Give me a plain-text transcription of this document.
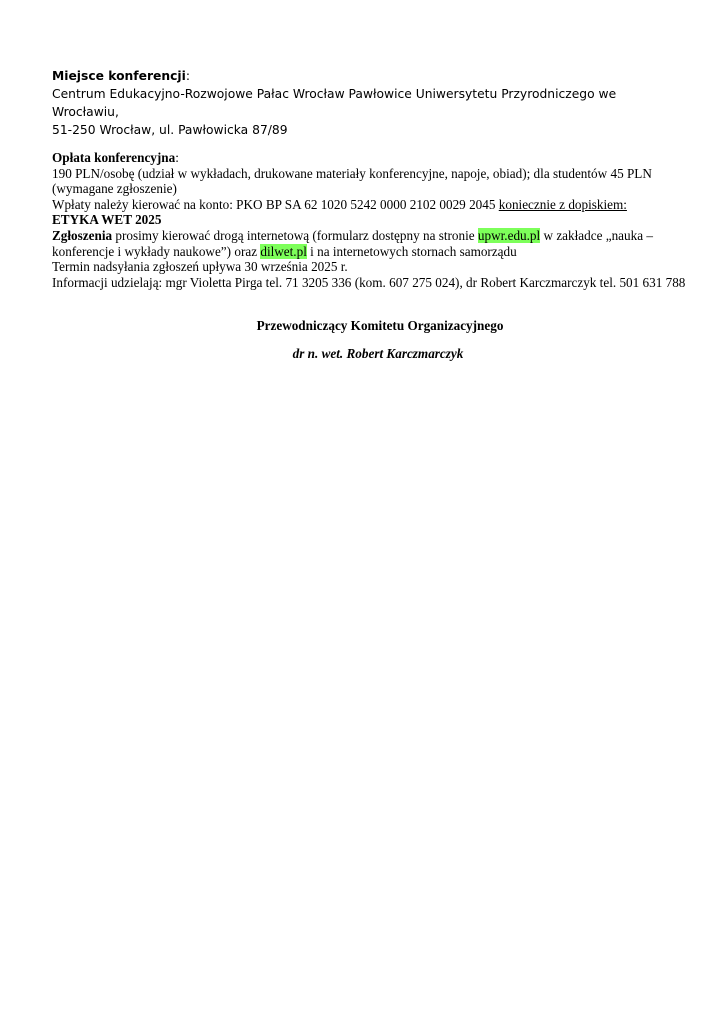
Miejsce konferencji:
Centrum Edukacyjno-Rozwojowe Pałac Wrocław Pawłowice Uniwersytetu Przyrodniczego we Wrocławiu,
51-250 Wrocław, ul. Pawłowicka 87/89

Opłata konferencyjna:

190 PLN/osobę (udział w wykładach, drukowane materiały konferencyjne, napoje, obiad); dla studentów 45 PLN (wymagane zgłoszenie)

Wpłaty należy kierować na konto: PKO BP SA 62 1020 5242 0000 2102 0029 2045 koniecznie z dopiskiem:

ETYKA WET 2025

Zgłoszenia prosimy kierować drogą internetową (formularz dostępny na stronie upwr.edu.pl w zakładce „nauka – konferencje i wykłady naukowe”) oraz dilwet.pl i na internetowych stornach samorządu

Termin nadsyłania zgłoszeń upływa 30 września 2025 r.

Informacji udzielają: mgr Violetta Pirga tel. 71 3205 336 (kom. 607 275 024), dr Robert Karczmarczyk tel. 501 631 788

Przewodniczący Komitetu Organizacyjnego
dr n. wet. Robert Karczmarczyk
